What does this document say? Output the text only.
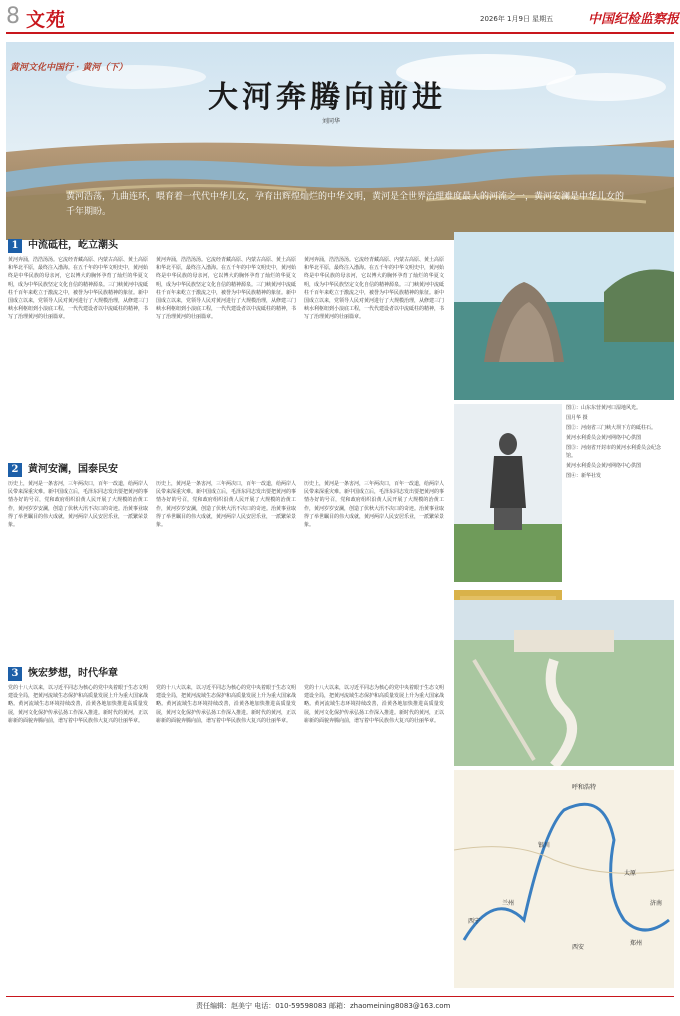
8 文苑	2026年 1月9日 星期五	中国纪检监察报
黄河文化中国行 · 黄河（下）
大河奔腾向前进
刘同华

黄河浩荡，九曲连环，喂育着一代代中华儿女，孕育出辉煌灿烂的中华文明，黄河是全世界治理难度最大的河流之一，黄河安澜是中华儿女的千年期盼。

1 中流砥柱，屹立潮头
2 黄河安澜，国泰民安
3 恢宏梦想，时代华章
黄河奔涌，浩浩汤汤。它流经青藏高原、内蒙古高原、黄土高原和华北平原，最终注入渤海。在五千年的中华文明史中，黄河始终是中华民族的母亲河，它以博大的胸怀孕育了灿烂的华夏文明，成为中华民族坚定文化自信的精神源泉。三门峡黄河中流砥柱千百年来屹立于激流之中，被誉为中华民族精神的象征。新中国成立以来，党领导人民对黄河进行了大规模治理，从修建三门峡水利枢纽到小浪底工程，一代代建设者以中流砥柱的精神，书写了治理黄河的壮丽篇章。
黄河奔涌，浩浩汤汤。它流经青藏高原、内蒙古高原、黄土高原和华北平原，最终注入渤海。在五千年的中华文明史中，黄河始终是中华民族的母亲河，它以博大的胸怀孕育了灿烂的华夏文明，成为中华民族坚定文化自信的精神源泉。三门峡黄河中流砥柱千百年来屹立于激流之中，被誉为中华民族精神的象征。新中国成立以来，党领导人民对黄河进行了大规模治理，从修建三门峡水利枢纽到小浪底工程，一代代建设者以中流砥柱的精神，书写了治理黄河的壮丽篇章。
黄河奔涌，浩浩汤汤。它流经青藏高原、内蒙古高原、黄土高原和华北平原，最终注入渤海。在五千年的中华文明史中，黄河始终是中华民族的母亲河，它以博大的胸怀孕育了灿烂的华夏文明，成为中华民族坚定文化自信的精神源泉。三门峡黄河中流砥柱千百年来屹立于激流之中，被誉为中华民族精神的象征。新中国成立以来，党领导人民对黄河进行了大规模治理，从修建三门峡水利枢纽到小浪底工程，一代代建设者以中流砥柱的精神，书写了治理黄河的壮丽篇章。
历史上，黄河是一条害河，三年两决口，百年一改道，给两岸人民带来深重灾难。新中国成立后，毛泽东同志发出要把黄河的事情办好的号召，党和政府组织沿黄人民开展了大规模的治黄工作，黄河岁岁安澜，创造了伏秋大汛不决口的奇迹。治黄事业取得了举世瞩目的伟大成就，黄河两岸人民安居乐业，一派繁荣景象。
历史上，黄河是一条害河，三年两决口，百年一改道，给两岸人民带来深重灾难。新中国成立后，毛泽东同志发出要把黄河的事情办好的号召，党和政府组织沿黄人民开展了大规模的治黄工作，黄河岁岁安澜，创造了伏秋大汛不决口的奇迹。治黄事业取得了举世瞩目的伟大成就，黄河两岸人民安居乐业，一派繁荣景象。
历史上，黄河是一条害河，三年两决口，百年一改道，给两岸人民带来深重灾难。新中国成立后，毛泽东同志发出要把黄河的事情办好的号召，党和政府组织沿黄人民开展了大规模的治黄工作，黄河岁岁安澜，创造了伏秋大汛不决口的奇迹。治黄事业取得了举世瞩目的伟大成就，黄河两岸人民安居乐业，一派繁荣景象。
党的十八大以来，以习近平同志为核心的党中央着眼于生态文明建设全局，把黄河流域生态保护和高质量发展上升为重大国家战略。黄河流域生态环境持续改善，沿黄各地加快推进高质量发展，黄河文化保护传承弘扬工作深入推进。新时代的黄河，正以崭新的面貌奔腾向前，谱写着中华民族伟大复兴的壮丽华章。
党的十八大以来，以习近平同志为核心的党中央着眼于生态文明建设全局，把黄河流域生态保护和高质量发展上升为重大国家战略。黄河流域生态环境持续改善，沿黄各地加快推进高质量发展，黄河文化保护传承弘扬工作深入推进。新时代的黄河，正以崭新的面貌奔腾向前，谱写着中华民族伟大复兴的壮丽华章。
党的十八大以来，以习近平同志为核心的党中央着眼于生态文明建设全局，把黄河流域生态保护和高质量发展上升为重大国家战略。黄河流域生态环境持续改善，沿黄各地加快推进高质量发展，黄河文化保护传承弘扬工作深入推进。新时代的黄河，正以崭新的面貌奔腾向前，谱写着中华民族伟大复兴的壮丽华章。
图①：山东东营黄河口湿地风光。
国月华 摄
图②：河南省三门峡大坝下方的砥柱石。
黄河水利委员会黄河网络中心供图
图③：河南省开封市的黄河水利委员会纪念馆。
黄河水利委员会黄河网络中心供图
图④：新华社发
呼和浩特
银川
兰州
西宁
太原
郑州
济南
西安
责任编辑：赵美宁 电话：010-59598083 邮箱：zhaomeining8083@163.com
